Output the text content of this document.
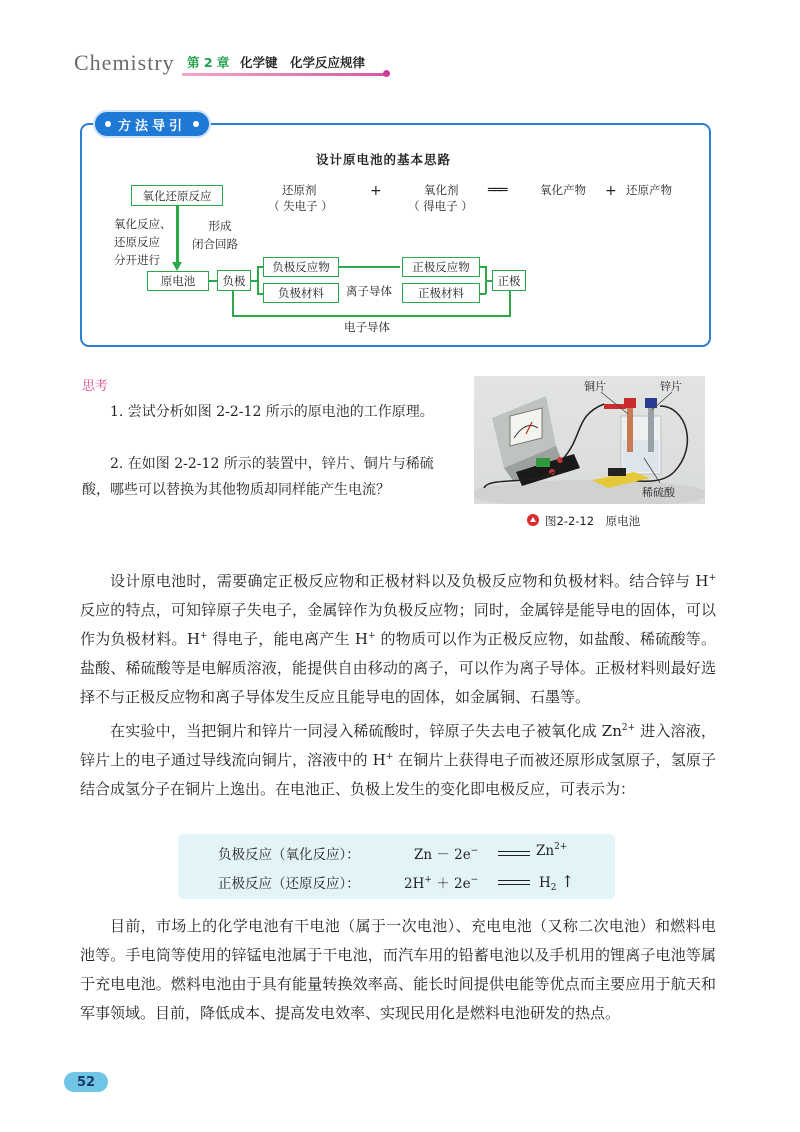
Chemistry 第 2 章 化学键　化学反应规律
方法导引
设计原电池的基本思路
还原剂
（ 失电子 ）
+	氧化剂
（ 得电子 ）
═══	氧化产物 + 还原产物
氧化还原反应
氧化反应、
还原反应
分开进行
形成
闭合回路
原电池	负极
负极反应物
负极材料	离子导体
正极反应物
正极材料
正极
电子导体
思考
1. 尝试分析如图 2-2-12 所示的原电池的工作原理。
2. 在如图 2-2-12 所示的装置中，锌片、铜片与稀硫酸，哪些可以替换为其他物质却同样能产生电流？
铜片	锌片
稀硫酸
图2-2-12　原电池
设计原电池时，需要确定正极反应物和正极材料以及负极反应物和负极材料。结合锌与 H+ 反应的特点，可知锌原子失电子，金属锌作为负极反应物；同时，金属锌是能导电的固体，可以作为负极材料。H+ 得电子，能电离产生 H+ 的物质可以作为正极反应物，如盐酸、稀硫酸等。盐酸、稀硫酸等是电解质溶液，能提供自由移动的离子，可以作为离子导体。正极材料则最好选择不与正极反应物和离子导体发生反应且能导电的固体，如金属铜、石墨等。
在实验中，当把铜片和锌片一同浸入稀硫酸时，锌原子失去电子被氧化成 $Zn^{2+}$ 进入溶液，锌片上的电子通过导线流向铜片，溶液中的 H+ 在铜片上获得电子而被还原形成氢原子，氢原子结合成氢分子在铜片上逸出。在电池正、负极上发生的变化即电极反应，可表示为：
负极反应（氧化反应）：	Zn － 2e−	$Zn^{2+}$
正极反应（还原反应）：	2H+ ＋ 2e−	$H_2$ ↑
目前，市场上的化学电池有干电池（属于一次电池）、充电电池（又称二次电池）和燃料电池等。手电筒等使用的锌锰电池属于干电池，而汽车用的铅蓄电池以及手机用的锂离子电池等属于充电电池。燃料电池由于具有能量转换效率高、能长时间提供电能等优点而主要应用于航天和军事领域。目前，降低成本、提高发电效率、实现民用化是燃料电池研发的热点。
52
